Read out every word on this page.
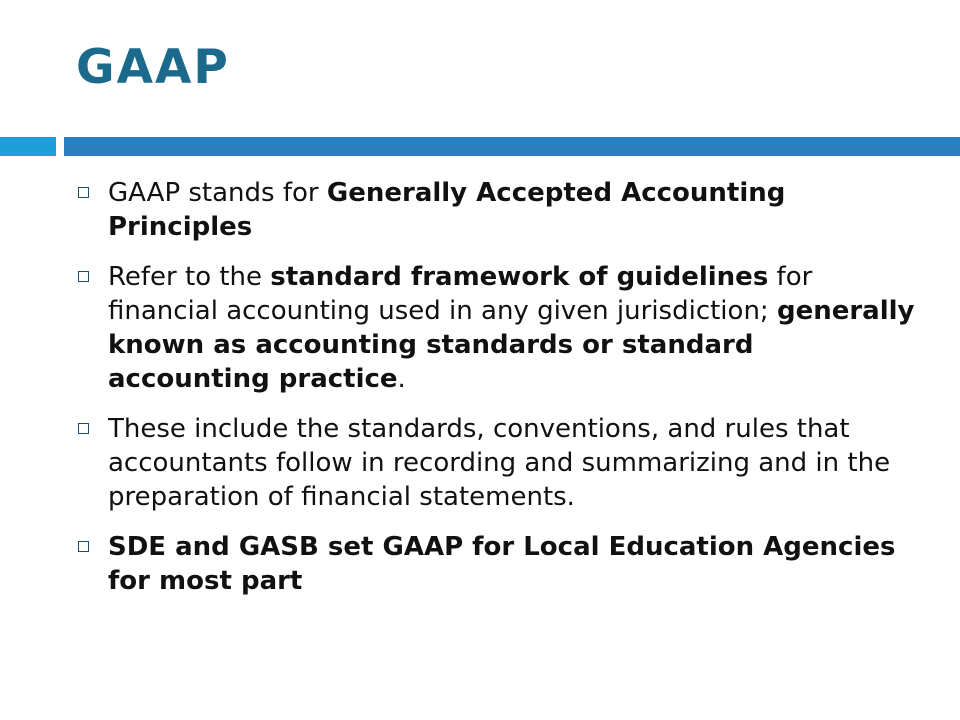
GAAP
GAAP stands for Generally Accepted Accounting Principles
Refer to the standard framework of guidelines for financial accounting used in any given jurisdiction; generally known as accounting standards or standard accounting practice.
These include the standards, conventions, and rules that accountants follow in recording and summarizing and in the preparation of financial statements.
SDE and GASB set GAAP for Local Education Agencies for most part
